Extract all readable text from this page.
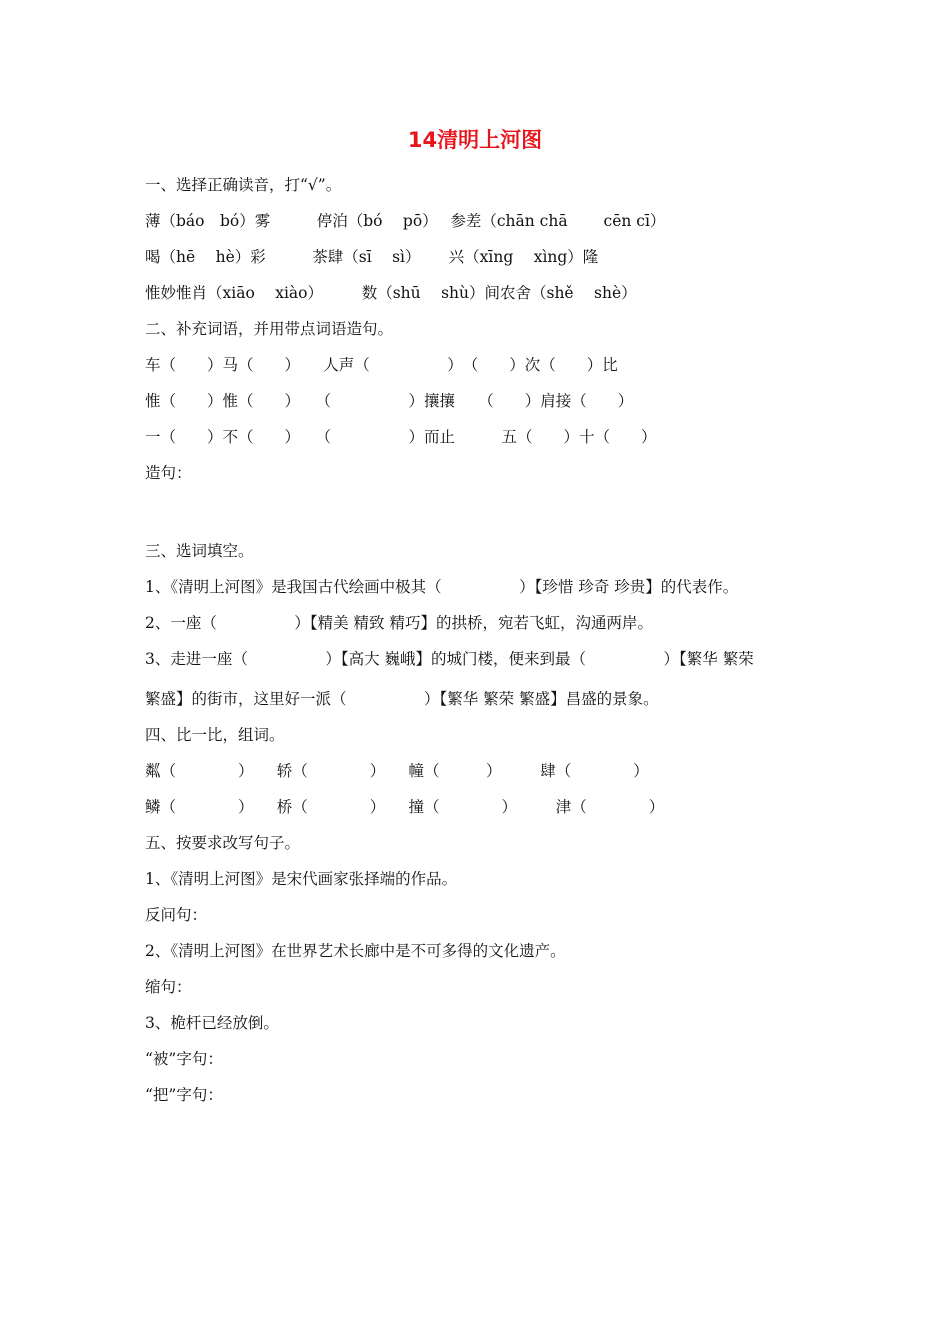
14清明上河图
一、选择正确读音，打“√”。
薄（báo　bó）雾　　　停泊（bó　 pō）　 参差（chān chā　　 cēn cī）
喝（hē　 hè）彩　　　茶肆（sī　 sì）　　 兴（xīng　 xìng）隆
惟妙惟肖（xiāo　 xiào）　　　数（shū　 shù）间农舍（shě　 shè）
二、补充词语，并用带点词语造句。
车（　　）马（　　）　　人声（　　　　　）　（　　）次（　　）比
惟（　　）惟（　　）　　（　　　　　）攘攘　　（　　）肩接（　　）
一（　　）不（　　）　　（　　　　　）而止　　　五（　　）十（　　）
造句：
三、选词填空。
1、《清明上河图》是我国古代绘画中极其（　　　　　）【珍惜 珍奇 珍贵】的代表作。
2、一座（　　　　　）【精美 精致 精巧】的拱桥，宛若飞虹，沟通两岸。
3、走进一座（　　　　　）【高大 巍峨】的城门楼，便来到最（　　　　　）【繁华 繁荣
繁盛】的街市，这里好一派（　　　　　）【繁华 繁荣 繁盛】昌盛的景象。
四、比一比，组词。
粼（　　　　）　　轿（　　　　）　　幢（　　　）　　　肆（　　　　）
鳞（　　　　）　　桥（　　　　）　　撞（　　　　）　　　津（　　　　）
五、按要求改写句子。
1、《清明上河图》是宋代画家张择端的作品。
反问句：
2、《清明上河图》在世界艺术长廊中是不可多得的文化遗产。
缩句：
3、桅杆已经放倒。
“被”字句：
“把”字句：
